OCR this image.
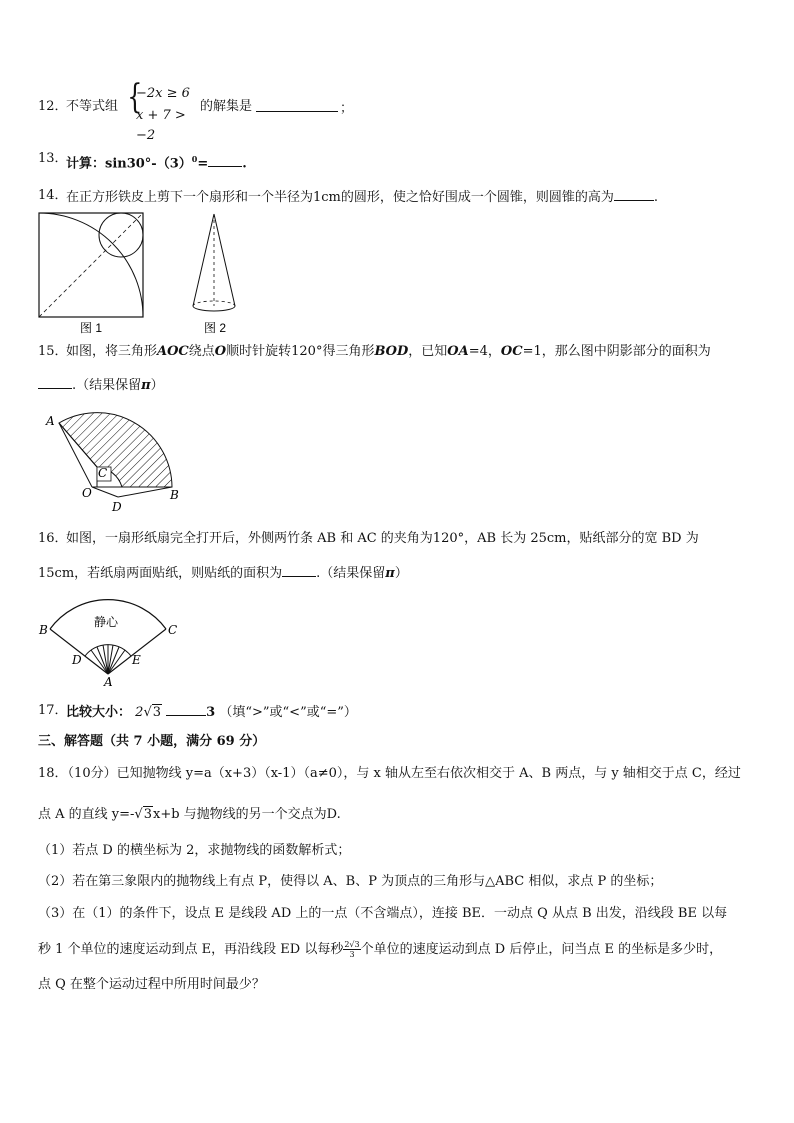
12．
不等式组 {
−2x ≥ 6
x + 7 > −2
的解集是	；
13．
计算：$\sin 30^\circ-(3)^0=$	.
14．
在正方形铁皮上剪下一个扇形和一个半径为1cm的圆形，使之恰好围成一个圆锥，则圆锥的高为	.
图 1	图 2
15．
如图，将三角形AOC绕点O顺时针旋转120°得三角形BOD，已知OA=4，OC=1，那么图中阴影部分的面积为
.（结果保留π）
A
C
O
D
B
16．
如图，一扇形纸扇完全打开后，外侧两竹条 AB 和 AC 的夹角为120°，AB 长为 25cm，贴纸部分的宽 BD 为
15cm，若纸扇两面贴纸，则贴纸的面积为	.（结果保留π）
静心
B	C
D	E
A
17．
比较大小： 2√3	3 （填“>”或“<”或“=”）
三、解答题（共 7 小题，满分 69 分）
18．（10分）已知抛物线 y=a（x+3）（x-1）（a≠0），与 x 轴从左至右依次相交于 A、B 两点，与 y 轴相交于点 C，经过
点 A 的直线 y=-√3x+b 与抛物线的另一个交点为D.
（1）若点 D 的横坐标为 2，求抛物线的函数解析式；
（2）若在第三象限内的抛物线上有点 P，使得以 A、B、P 为顶点的三角形与△ABC 相似，求点 P 的坐标；
（3）在（1）的条件下，设点 E 是线段 AD 上的一点（不含端点），连接 BE．一动点 Q 从点 B 出发，沿线段 BE 以每
秒 1 个单位的速度运动到点 E，再沿线段 ED 以每秒 $\frac{2√3}{3}$ 个单位的速度运动到点 D 后停止，问当点 E 的坐标是多少时，
点 Q 在整个运动过程中所用时间最少？
